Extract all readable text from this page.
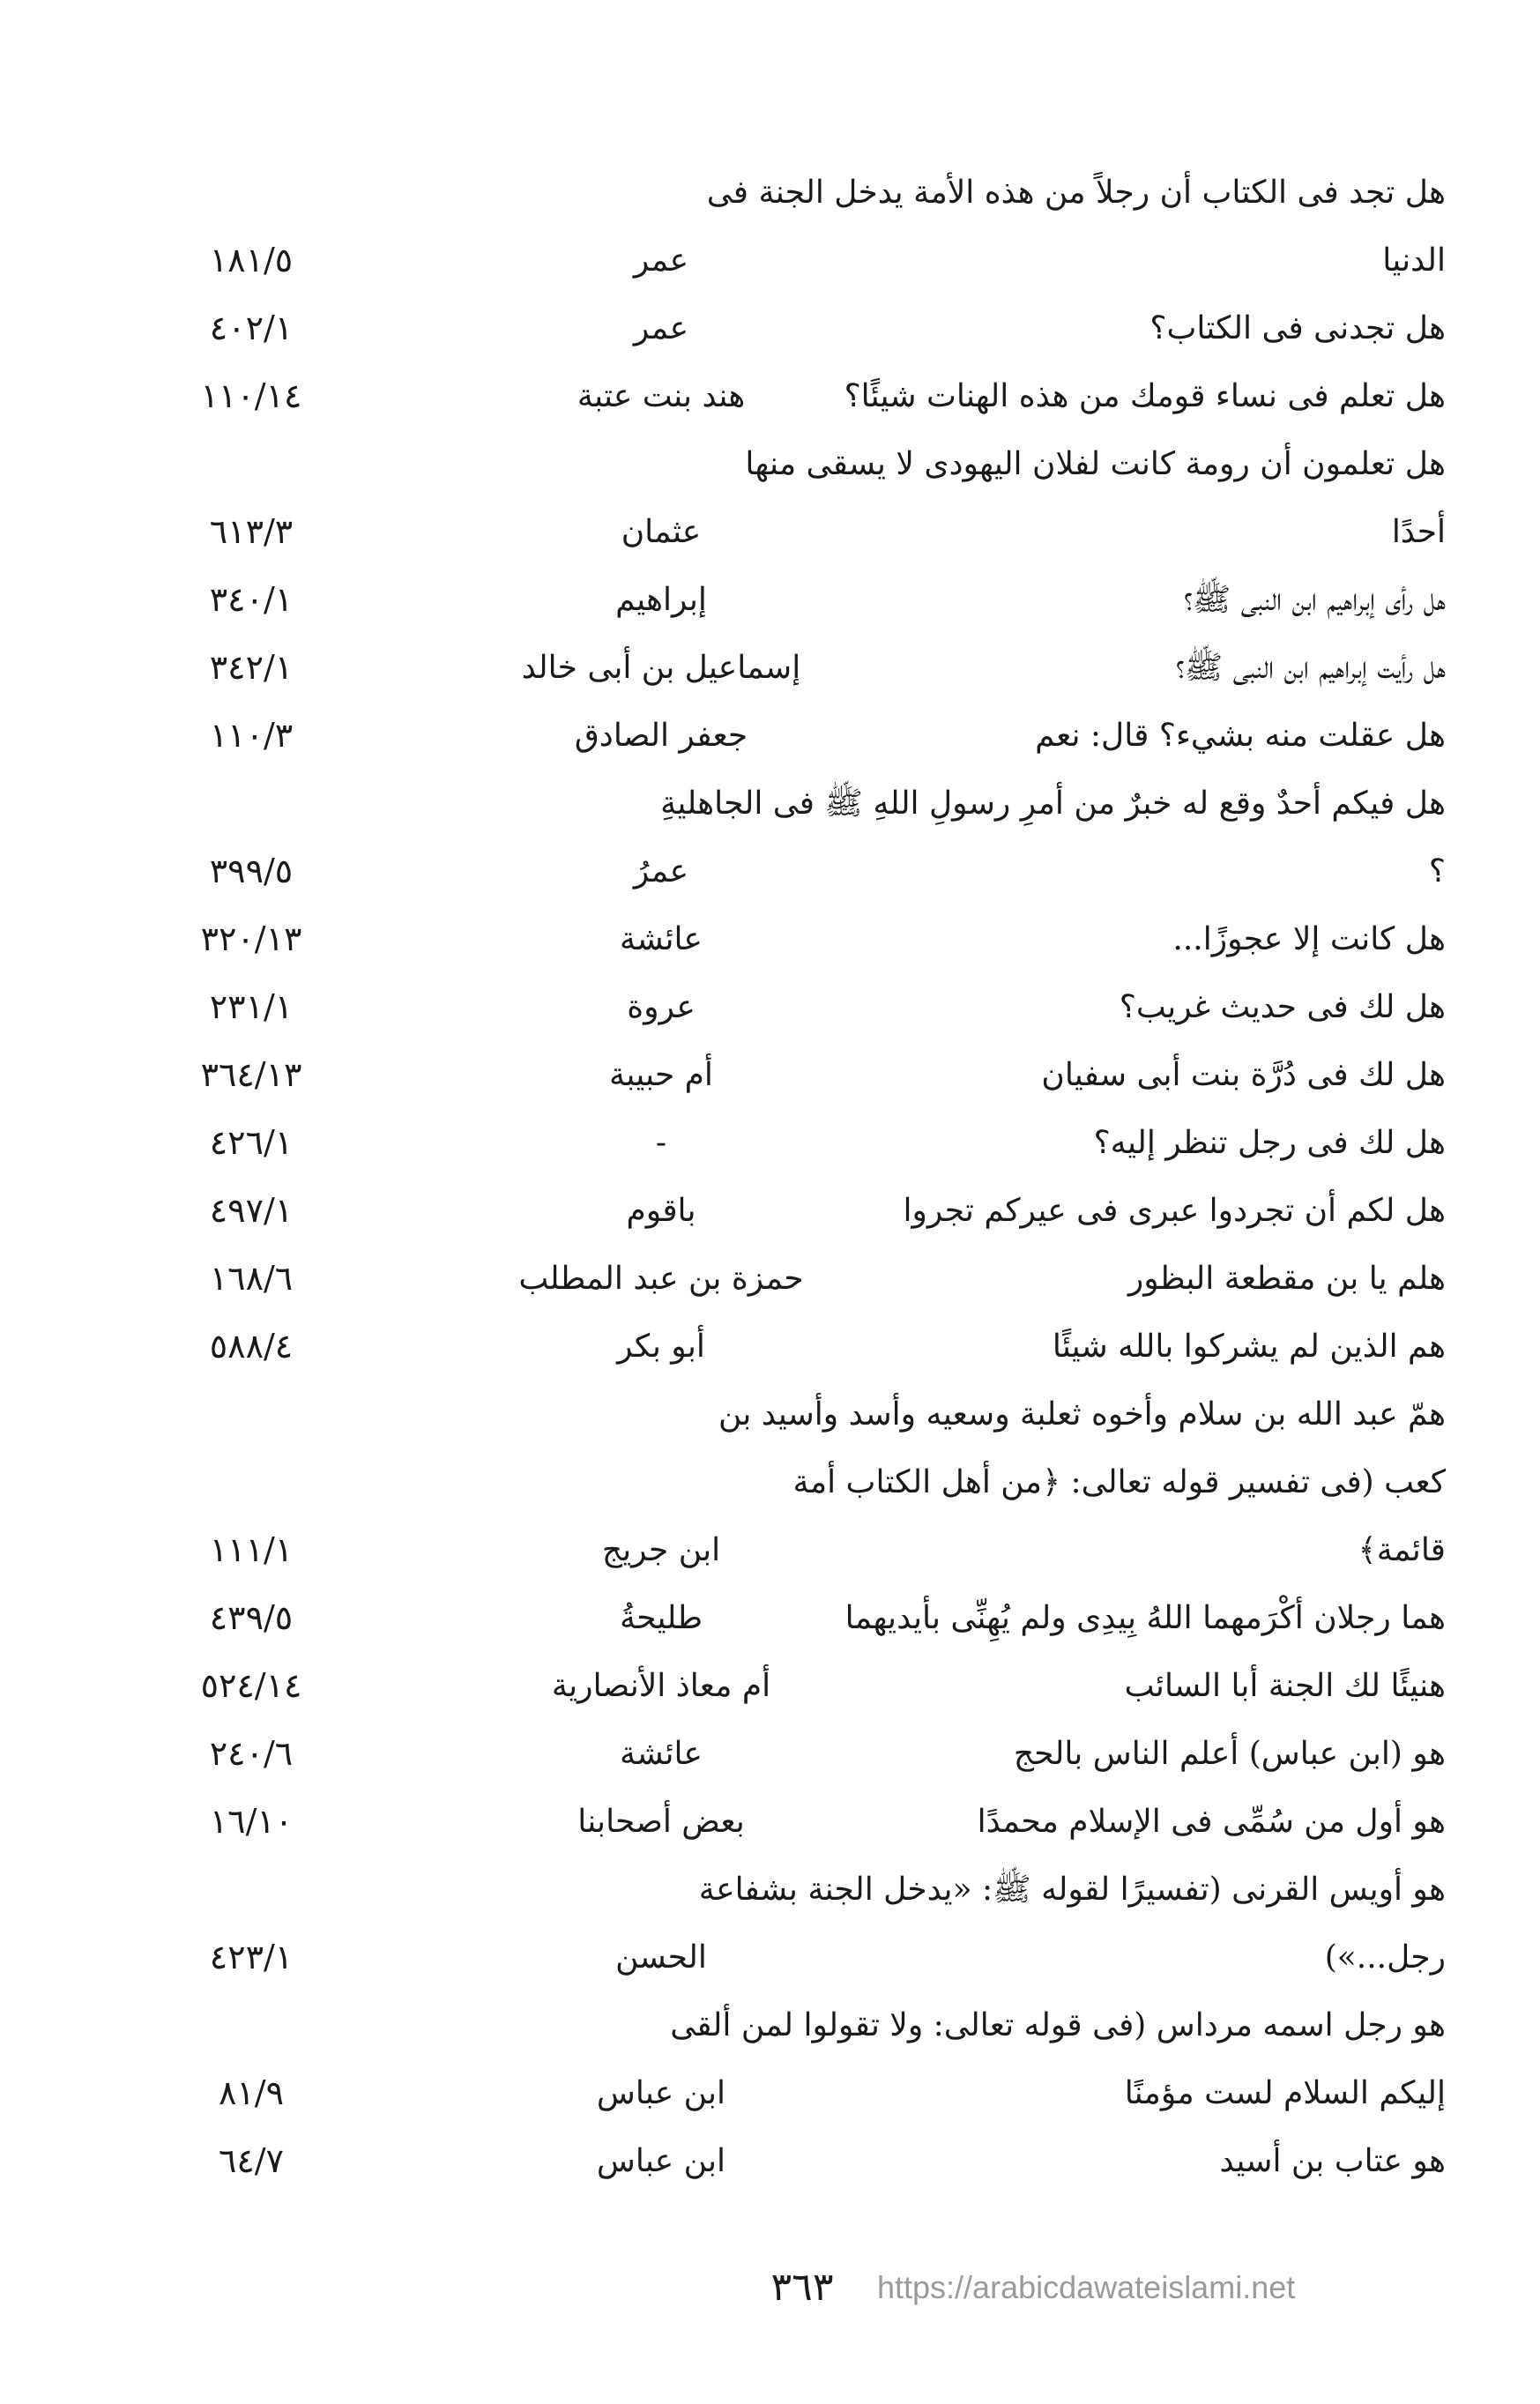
هل تجد فى الكتاب أن رجلاً من هذه الأمة يدخل الجنة فى
الدنيا
عمر
١٨١/٥
هل تجدنى فى الكتاب؟
عمر
٤٠٢/١
هل تعلم فى نساء قومك من هذه الهنات شيئًا؟
هند بنت عتبة
١١٠/١٤
هل تعلمون أن رومة كانت لفلان اليهودى لا يسقى منها
أحدًا
عثمان
٦١٣/٣
هل رأى إبراهيم ابن النبى ﷺ؟
إبراهيم
٣٤٠/١
هل رأيت إبراهيم ابن النبى ﷺ؟
إسماعيل بن أبى خالد
٣٤٢/١
هل عقلت منه بشيء؟ قال: نعم
جعفر الصادق
١١٠/٣
هل فيكم أحدٌ وقع له خبرٌ من أمرِ رسولِ اللهِ ﷺ فى الجاهليةِ
؟
عمرُ
٣٩٩/٥
هل كانت إلا عجوزًا...
عائشة
٣٢٠/١٣
هل لك فى حديث غريب؟
عروة
٢٣١/١
هل لك فى دُرَّة بنت أبى سفيان
أم حبيبة
٣٦٤/١٣
هل لك فى رجل تنظر إليه؟
-
٤٢٦/١
هل لكم أن تجردوا عبرى فى عيركم تجروا
باقوم
٤٩٧/١
هلم يا بن مقطعة البظور
حمزة بن عبد المطلب
١٦٨/٦
هم الذين لم يشركوا بالله شيئًا
أبو بكر
٥٨٨/٤
همّ عبد الله بن سلام وأخوه ثعلبة وسعيه وأسد وأسيد بن
كعب (فى تفسير قوله تعالى: ﴿من أهل الكتاب أمة
قائمة﴾
ابن جريج
١١١/١
هما رجلان أكْرَمهما اللهُ بِيدِى ولم يُهِنِّى بأيديهما
طليحةُ
٤٣٩/٥
هنيئًا لك الجنة أبا السائب
أم معاذ الأنصارية
٥٢٤/١٤
هو (ابن عباس) أعلم الناس بالحج
عائشة
٢٤٠/٦
هو أول من سُمِّى فى الإسلام محمدًا
بعض أصحابنا
١٦/١٠
هو أويس القرنى (تفسيرًا لقوله ﷺ: «يدخل الجنة بشفاعة
رجل...»)
الحسن
٤٢٣/١
هو رجل اسمه مرداس (فى قوله تعالى: ولا تقولوا لمن ألقى
إليكم السلام لست مؤمنًا
ابن عباس
٨١/٩
هو عتاب بن أسيد
ابن عباس
٦٤/٧
٣٦٣	https://arabicdawateislami.net
